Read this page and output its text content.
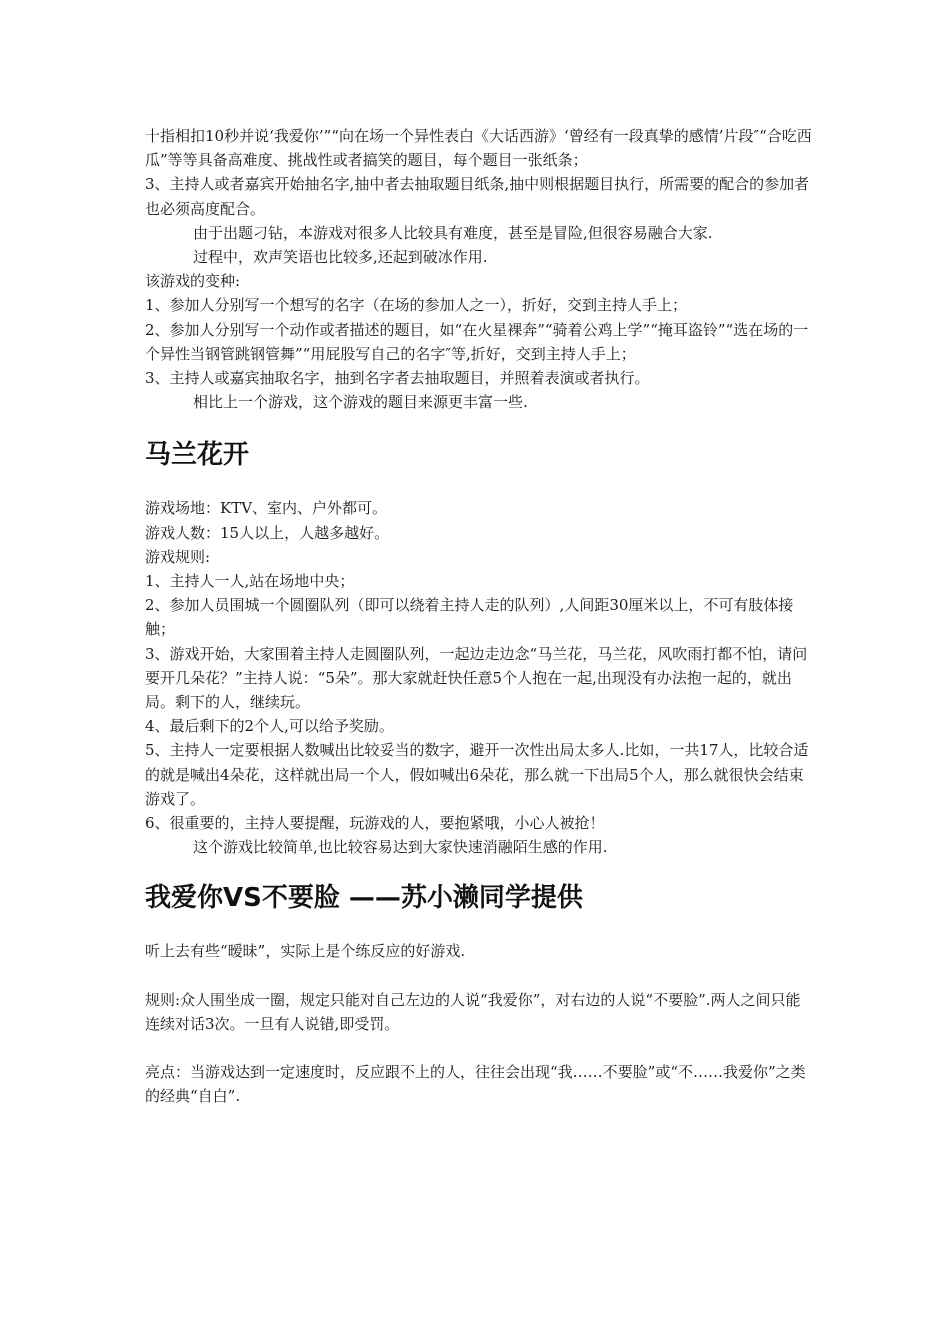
十指相扣10秒并说‘我爱你’”“向在场一个异性表白《大话西游》‘曾经有一段真挚的感情’片段″“合吃西瓜”等等具备高难度、挑战性或者搞笑的题目，每个题目一张纸条；

3、主持人或者嘉宾开始抽名字,抽中者去抽取题目纸条,抽中则根据题目执行，所需要的配合的参加者也必须高度配合。

由于出题刁钻，本游戏对很多人比较具有难度，甚至是冒险,但很容易融合大家.

过程中，欢声笑语也比较多,还起到破冰作用.

该游戏的变种:

1、参加人分别写一个想写的名字（在场的参加人之一），折好，交到主持人手上；

2、参加人分别写一个动作或者描述的题目，如“在火星裸奔”“骑着公鸡上学”“掩耳盗铃”“选在场的一个异性当钢管跳钢管舞”“用屁股写自己的名字″等,折好，交到主持人手上；

3、主持人或嘉宾抽取名字，抽到名字者去抽取题目，并照着表演或者执行。

相比上一个游戏，这个游戏的题目来源更丰富一些.

马兰花开

游戏场地：KTV、室内、户外都可。

游戏人数：15人以上，人越多越好。

游戏规则:

1、主持人一人,站在场地中央；

2、参加人员围城一个圆圈队列（即可以绕着主持人走的队列）,人间距30厘米以上，不可有肢体接触；

3、游戏开始，大家围着主持人走圆圈队列，一起边走边念“马兰花，马兰花，风吹雨打都不怕，请问要开几朵花？”主持人说：“5朵”。那大家就赶快任意5个人抱在一起,出现没有办法抱一起的，就出局。剩下的人，继续玩。

4、最后剩下的2个人,可以给予奖励。

5、主持人一定要根据人数喊出比较妥当的数字，避开一次性出局太多人.比如，一共17人，比较合适的就是喊出4朵花，这样就出局一个人，假如喊出6朵花，那么就一下出局5个人，那么就很快会结束游戏了。

6、很重要的，主持人要提醒，玩游戏的人，要抱紧哦，小心人被抢！

这个游戏比较简单,也比较容易达到大家快速消融陌生感的作用.

我爱你VS不要脸 ——苏小濑同学提供

听上去有些“暧昧”，实际上是个练反应的好游戏.

规则:众人围坐成一圈，规定只能对自己左边的人说“我爱你”，对右边的人说“不要脸”.两人之间只能连续对话3次。一旦有人说错,即受罚。

亮点：当游戏达到一定速度时，反应跟不上的人，往往会出现“我……不要脸”或“不……我爱你”之类的经典“自白”.
